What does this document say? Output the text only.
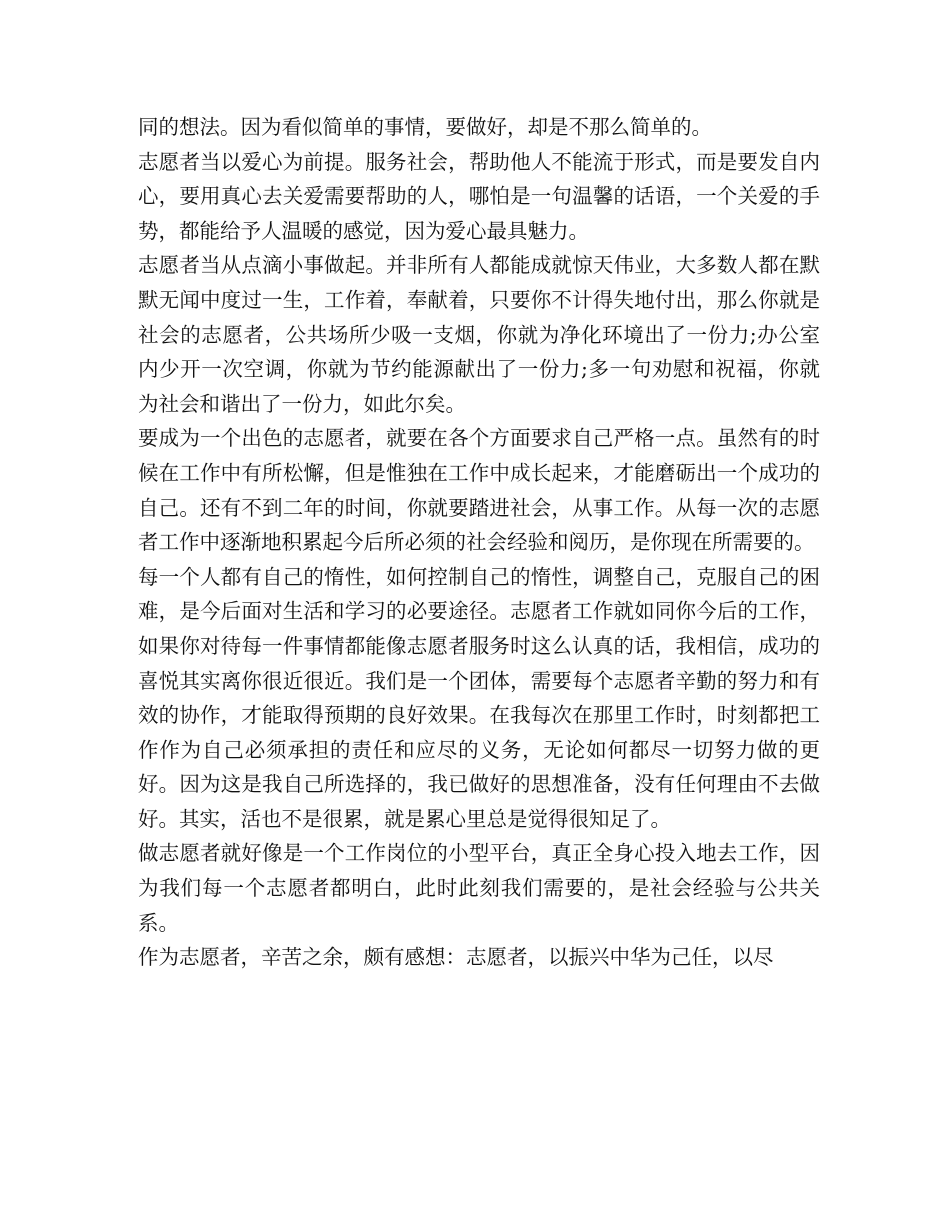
同的想法。因为看似简单的事情，要做好，却是不那么简单的。

志愿者当以爱心为前提。服务社会，帮助他人不能流于形式，而是要发自内心，要用真心去关爱需要帮助的人，哪怕是一句温馨的话语，一个关爱的手势，都能给予人温暖的感觉，因为爱心最具魅力。

志愿者当从点滴小事做起。并非所有人都能成就惊天伟业，大多数人都在默默无闻中度过一生，工作着，奉献着，只要你不计得失地付出，那么你就是社会的志愿者，公共场所少吸一支烟，你就为净化环境出了一份力;办公室内少开一次空调，你就为节约能源献出了一份力;多一句劝慰和祝福，你就为社会和谐出了一份力，如此尔矣。

要成为一个出色的志愿者，就要在各个方面要求自己严格一点。虽然有的时候在工作中有所松懈，但是惟独在工作中成长起来，才能磨砺出一个成功的自己。还有不到二年的时间，你就要踏进社会，从事工作。从每一次的志愿者工作中逐渐地积累起今后所必须的社会经验和阅历，是你现在所需要的。

每一个人都有自己的惰性，如何控制自己的惰性，调整自己，克服自己的困难，是今后面对生活和学习的必要途径。志愿者工作就如同你今后的工作，如果你对待每一件事情都能像志愿者服务时这么认真的话，我相信，成功的喜悦其实离你很近很近。我们是一个团体，需要每个志愿者辛勤的努力和有效的协作，才能取得预期的良好效果。在我每次在那里工作时，时刻都把工作作为自己必须承担的责任和应尽的义务，无论如何都尽一切努力做的更好。因为这是我自己所选择的，我已做好的思想准备，没有任何理由不去做好。其实，活也不是很累，就是累心里总是觉得很知足了。

做志愿者就好像是一个工作岗位的小型平台，真正全身心投入地去工作，因为我们每一个志愿者都明白，此时此刻我们需要的，是社会经验与公共关系。

作为志愿者，辛苦之余，颇有感想：志愿者，以振兴中华为己任，以尽
